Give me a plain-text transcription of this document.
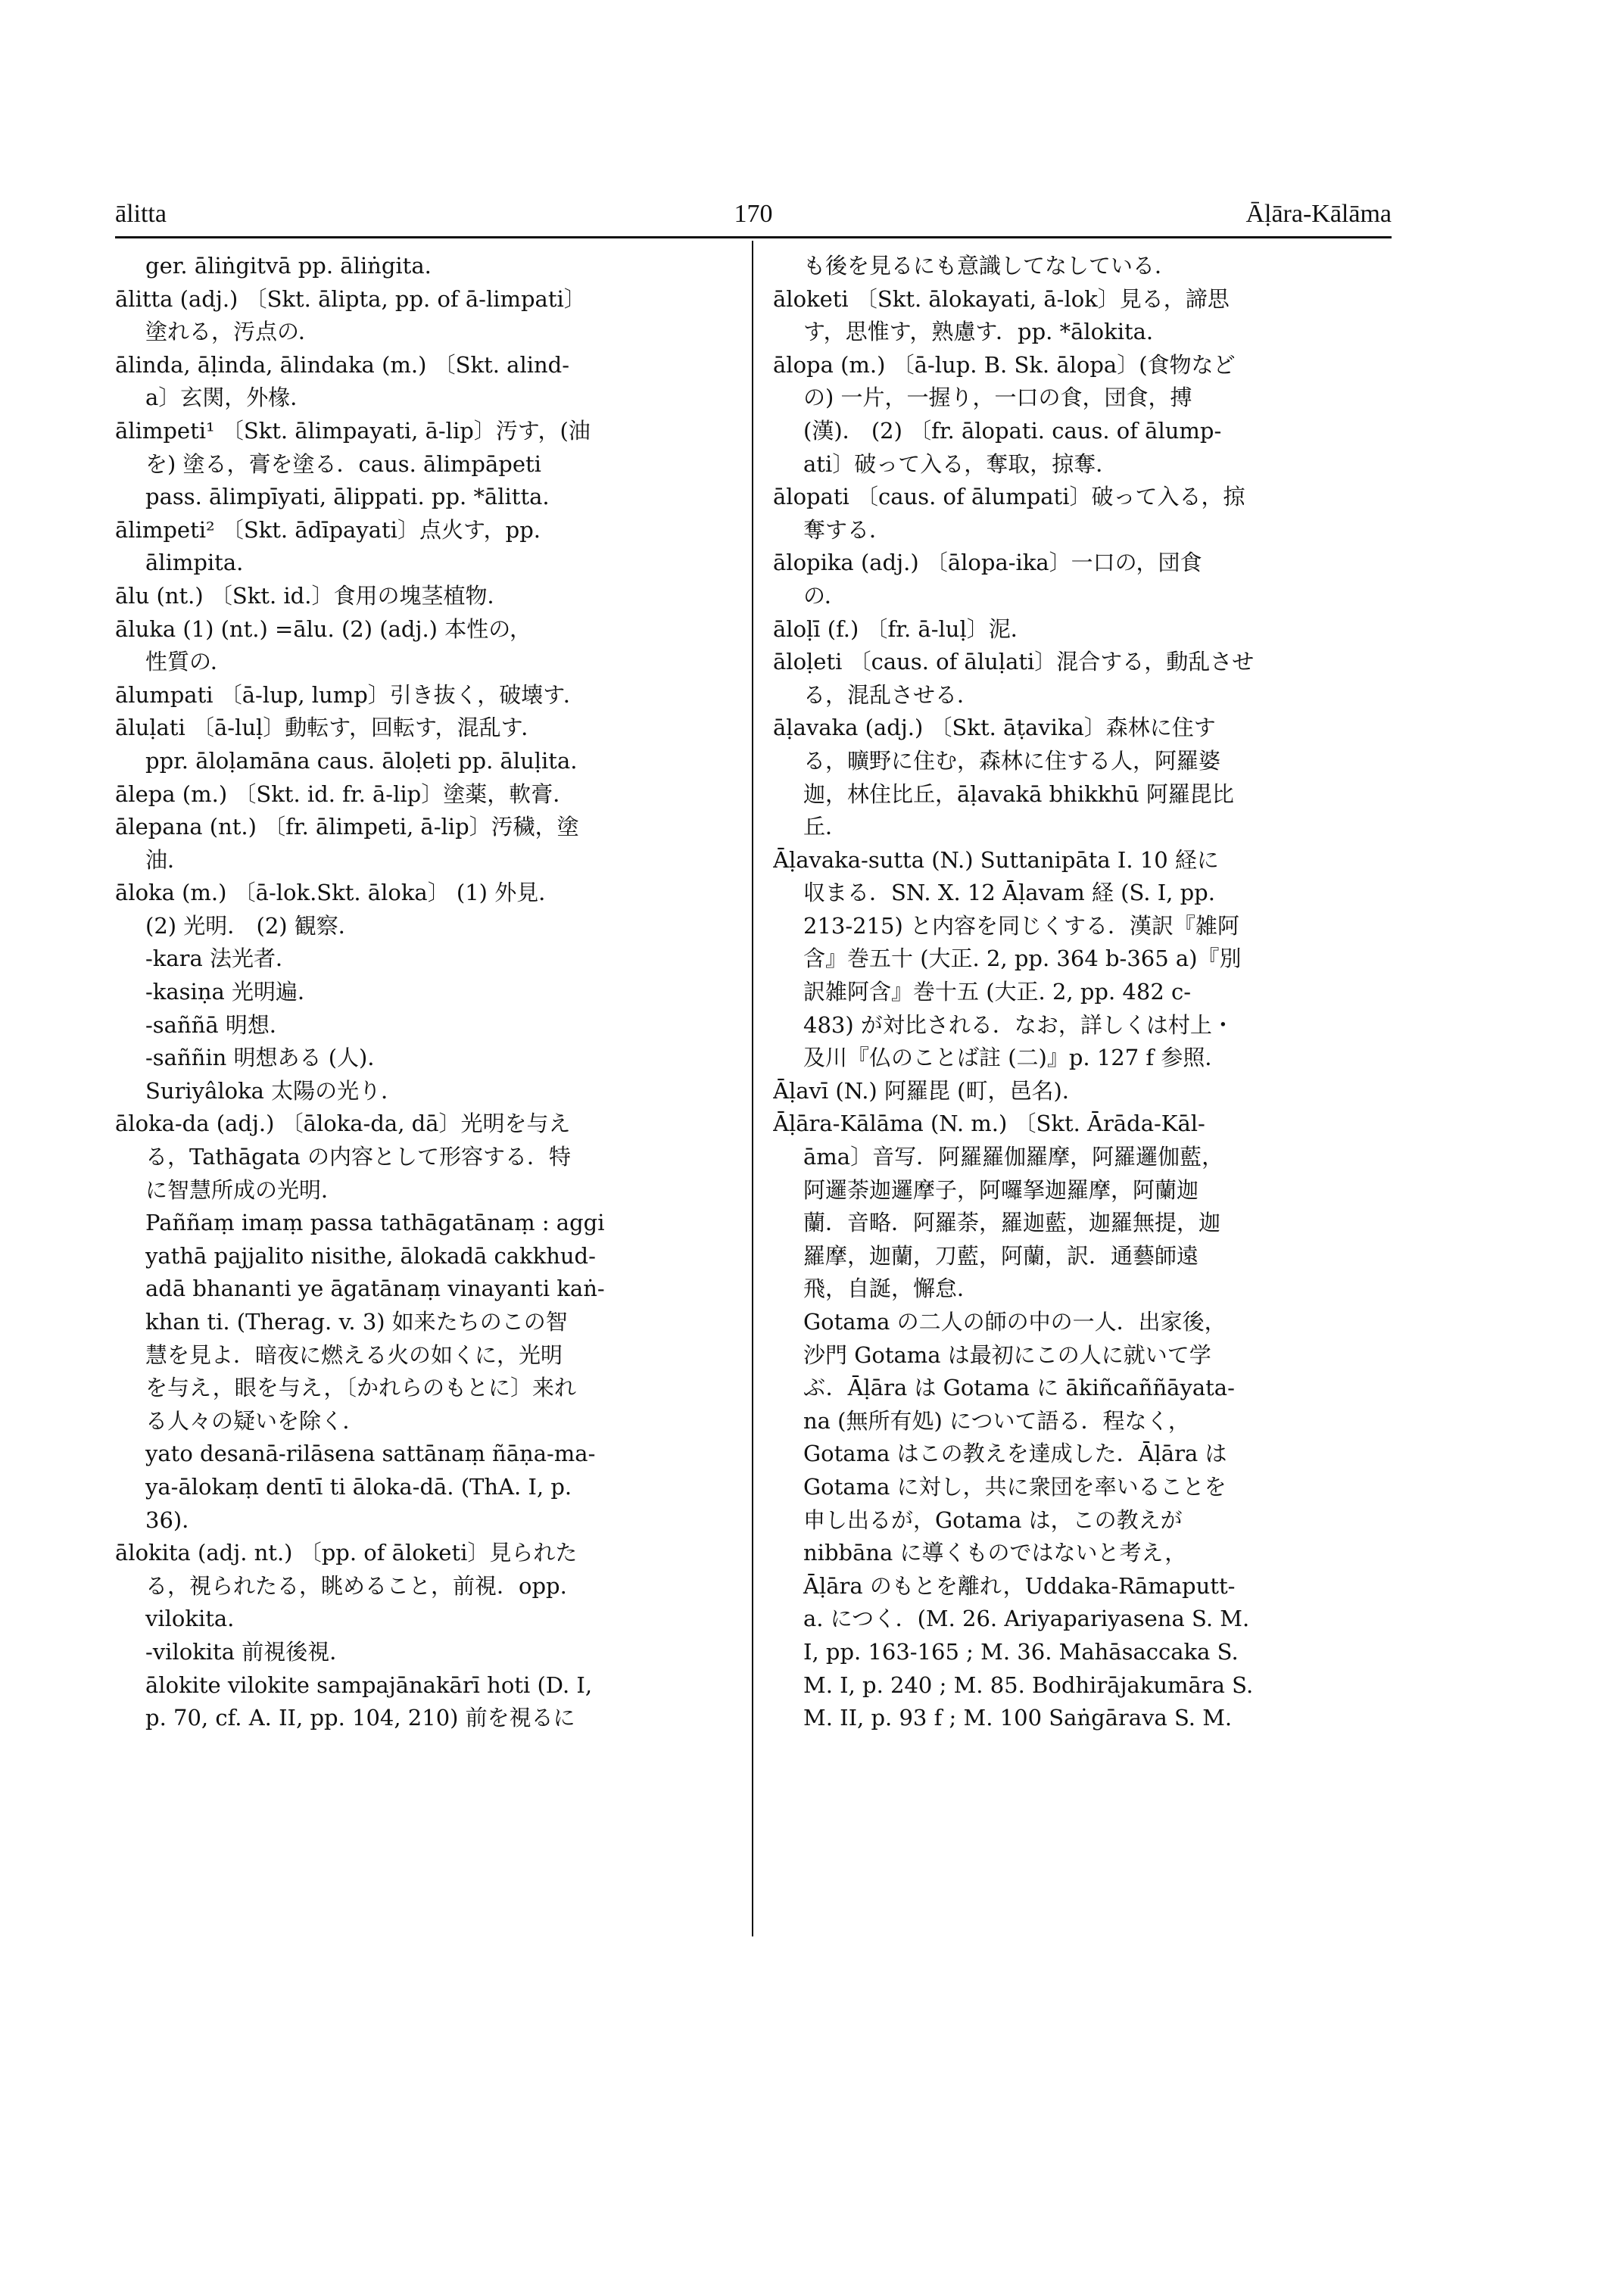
ālitta	170	Āḷāra-Kālāma
ger. āliṅgitvā pp. āliṅgita.
ālitta (adj.) 〔Skt. ālipta, pp. of ā-limpati〕
塗れる，汚点の．
ālinda, āḷinda, ālindaka (m.) 〔Skt. alind-
a〕玄関，外椽．
ālimpeti¹ 〔Skt. ālimpayati, ā-lip〕汚す，(油
を) 塗る，膏を塗る．caus. ālimpāpeti
pass. ālimpīyati, ālippati. pp. *ālitta.
ālimpeti² 〔Skt. ādīpayati〕点火す，pp.
ālimpita.
ālu (nt.) 〔Skt. id.〕食用の塊茎植物．
āluka (1) (nt.) =ālu. (2) (adj.) 本性の，
性質の．
ālumpati 〔ā-lup, lump〕引き抜く，破壊す．
āluḷati 〔ā-luḷ〕動転す，回転す，混乱す．
ppr. āloḷamāna caus. āloḷeti pp. āluḷita.
ālepa (m.) 〔Skt. id. fr. ā-lip〕塗薬，軟膏．
ālepana (nt.) 〔fr. ālimpeti, ā-lip〕汚穢，塗
油．
āloka (m.) 〔ā-lok.Skt. āloka〕 (1) 外見．
(2) 光明． (2) 観察．
-kara 法光者．
-kasiṇa 光明遍．
-saññā 明想．
-saññin 明想ある (人)．
Suriyâloka 太陽の光り．
āloka-da (adj.) 〔āloka-da, dā〕光明を与え
る，Tathāgata の内容として形容する．特
に智慧所成の光明．
Paññaṃ imaṃ passa tathāgatānaṃ : aggi
yathā pajjalito nisithe, ālokadā cakkhud-
adā bhananti ye āgatānaṃ vinayanti kaṅ-
khan ti. (Therag. v. 3) 如来たちのこの智
慧を見よ．暗夜に燃える火の如くに，光明
を与え，眼を与え，〔かれらのもとに〕来れ
る人々の疑いを除く．
yato desanā-rilāsena sattānaṃ ñāṇa-ma-
ya-ālokaṃ dentī ti āloka-dā. (ThA. I, p.
36)．
ālokita (adj. nt.) 〔pp. of āloketi〕見られた
る，視られたる，眺めること，前視．opp.
vilokita.
-vilokita 前視後視．
ālokite vilokite sampajānakārī hoti (D. I,
p. 70, cf. A. II, pp. 104, 210) 前を視るに
も後を見るにも意識してなしている．
āloketi 〔Skt. ālokayati, ā-lok〕見る，諦思
す，思惟す，熟慮す．pp. *ālokita.
ālopa (m.) 〔ā-lup. B. Sk. ālopa〕(食物など
の) 一片，一握り，一口の食，団食，搏
(漢)． (2) 〔fr. ālopati. caus. of ālump-
ati〕破って入る，奪取，掠奪．
ālopati 〔caus. of ālumpati〕破って入る，掠
奪する．
ālopika (adj.) 〔ālopa-ika〕一口の，団食
の．
āloḷī (f.) 〔fr. ā-luḷ〕泥．
āloḷeti 〔caus. of āluḷati〕混合する，動乱させ
る，混乱させる．
āḷavaka (adj.) 〔Skt. āṭavika〕森林に住す
る，曠野に住む，森林に住する人，阿羅婆
迦，林住比丘，āḷavakā bhikkhū 阿羅毘比
丘．
Āḷavaka-sutta (N.) Suttanipāta I. 10 経に
収まる．SN. X. 12 Āḷavam 経 (S. I, pp.
213-215) と内容を同じくする．漢訳『雑阿
含』巻五十 (大正. 2, pp. 364 b-365 a)『別
訳雑阿含』巻十五 (大正. 2, pp. 482 c-
483) が対比される．なお，詳しくは村上・
及川『仏のことば註 (二)』p. 127 f 参照．
Āḷavī (N.) 阿羅毘 (町，邑名)．
Āḷāra-Kālāma (N. m.) 〔Skt. Ārāda-Kāl-
āma〕音写．阿羅羅伽羅摩，阿羅邏伽藍，
阿邏荼迦邏摩子，阿囉拏迦羅摩，阿蘭迦
蘭．音略．阿羅荼，羅迦藍，迦羅無提，迦
羅摩，迦蘭，刀藍，阿蘭，訳．通藝師遠
飛，自誕，懈怠．
Gotama の二人の師の中の一人．出家後，
沙門 Gotama は最初にこの人に就いて学
ぶ．Āḷāra は Gotama に ākiñcaññāyata-
na (無所有処) について語る．程なく，
Gotama はこの教えを達成した．Āḷāra は
Gotama に対し，共に衆団を率いることを
申し出るが，Gotama は，この教えが
nibbāna に導くものではないと考え，
Āḷāra のもとを離れ，Uddaka-Rāmaputt-
a. につく．(M. 26. Ariyapariyasena S. M.
I, pp. 163-165 ; M. 36. Mahāsaccaka S.
M. I, p. 240 ; M. 85. Bodhirājakumāra S.
M. II, p. 93 f ; M. 100 Saṅgārava S. M.
